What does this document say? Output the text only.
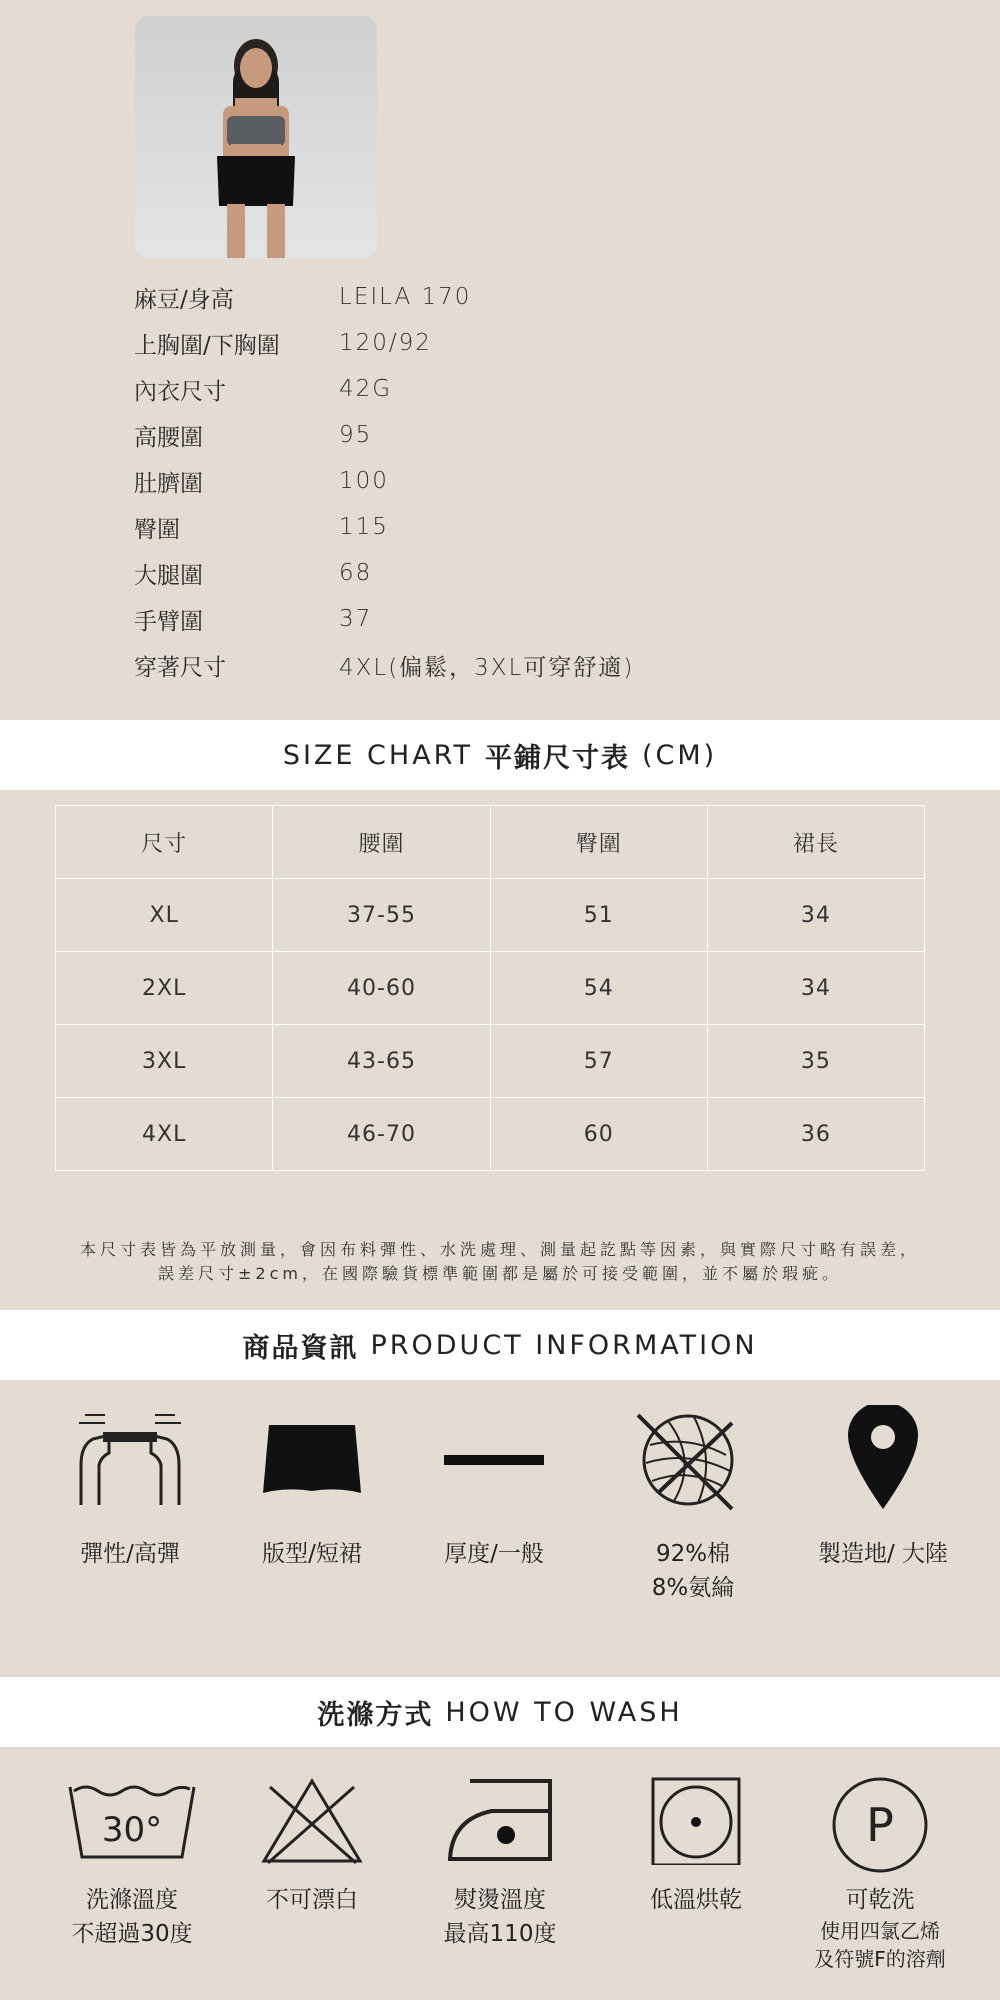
麻豆/身高	LEILA 170
上胸圍/下胸圍	120/92
內衣尺寸	42G
高腰圍	95
肚臍圍	100
臀圍	115
大腿圍	68
手臂圍	37
穿著尺寸	4XL(偏鬆，3XL可穿舒適)
SIZE CHART 平鋪尺寸表 (CM)
尺寸	腰圍	臀圍	裙長
XL	37-55	51	34
2XL	40-60	54	34
3XL	43-65	57	35
4XL	46-70	60	36
本尺寸表皆為平放測量，會因布料彈性、水洗處理、測量起訖點等因素，與實際尺寸略有誤差，
誤差尺寸±2cm，在國際驗貨標準範圍都是屬於可接受範圍，並不屬於瑕疵。
商品資訊 PRODUCT INFORMATION
彈性/高彈	版型/短裙	厚度/一般	92%棉
8%氨綸
製造地/ 大陸
洗滌方式 HOW TO WASH
30°
洗滌溫度
不超過30度
不可漂白	熨燙溫度
最高110度
低溫烘乾
P
可乾洗
使用四氯乙烯
及符號F的溶劑
